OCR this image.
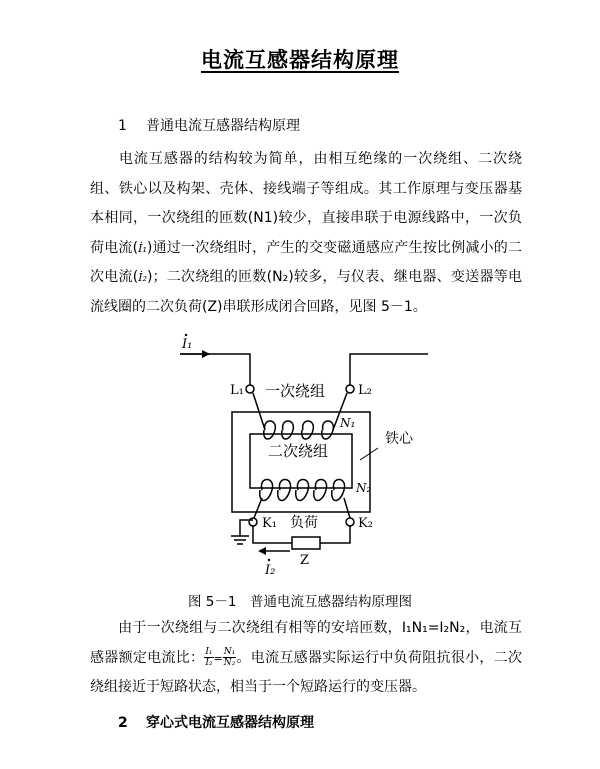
电流互感器结构原理
1 普通电流互感器结构原理

电流互感器的结构较为简单，由相互绝缘的一次绕组、二次绕组、铁心以及构架、壳体、接线端子等组成。其工作原理与变压器基本相同，一次绕组的匝数(N1)较少，直接串联于电源线路中，一次负荷电流(İ₁)通过一次绕组时，产生的交变磁通感应产生按比例减小的二次电流(İ₂)；二次绕组的匝数(N₂)较多，与仪表、继电器、变送器等电流线圈的二次负荷(Z)串联形成闭合回路，见图 5－1。

I₁
L₁	L₂
一次绕组
铁心
N₁
二次绕组
N₂
K₁	K₂
负荷
Z
I₂
图 5－1　普通电流互感器结构原理图

由于一次绕组与二次绕组有相等的安培匝数，I₁N₁=I₂N₂，电流互感器额定电流比： $\frac{\text{I₁}}{\text{I₂}} = \frac{\text{N₁}}{\text{N₂}}$ 。电流互感器实际运行中负荷阻抗很小，二次绕组接近于短路状态，相当于一个短路运行的变压器。

2 穿心式电流互感器结构原理
